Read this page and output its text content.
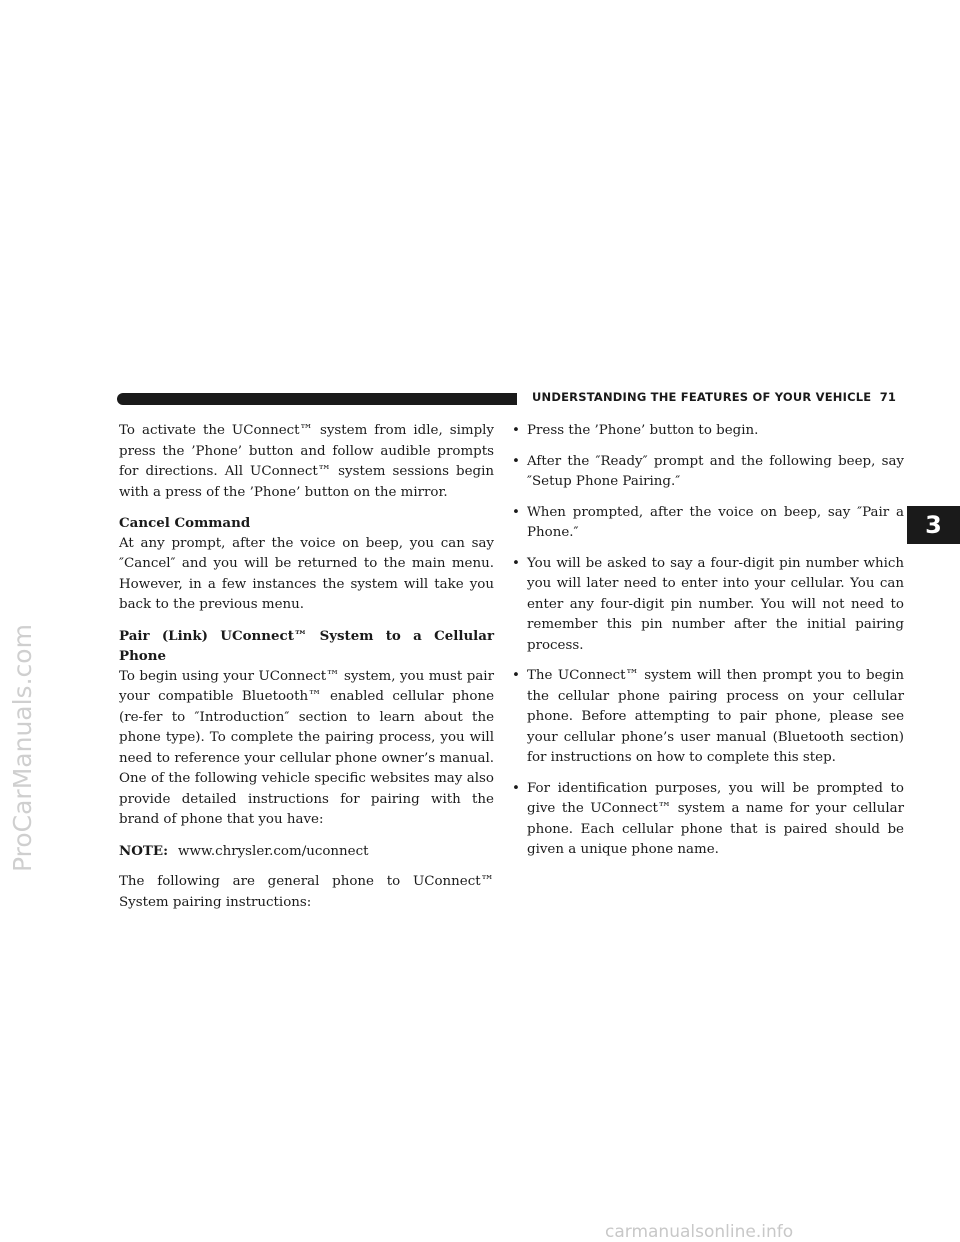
UNDERSTANDING THE FEATURES OF YOUR VEHICLE 71
3
ProCarManuals.com
carmanualsonline.info

To activate the UConnect™ system from idle, simply press the ’Phone’ button and follow audible prompts for directions. All UConnect™ system sessions begin with a press of the ’Phone’ button on the mirror.

Cancel Command

At any prompt, after the voice on beep, you can say ″Cancel″ and you will be returned to the main menu. However, in a few instances the system will take you back to the previous menu.

Pair (Link) UConnect™ System to a Cellular Phone

To begin using your UConnect™ system, you must pair your compatible Bluetooth™ enabled cellular phone (re-fer to ″Introduction″ section to learn about the phone type). To complete the pairing process, you will need to reference your cellular phone owner’s manual. One of the following vehicle specific websites may also provide detailed instructions for pairing with the brand of phone that you have:

NOTE: www.chrysler.com/uconnect

The following are general phone to UConnect™ System pairing instructions:

• Press the ’Phone’ button to begin.
• After the ″Ready″ prompt and the following beep, say ″Setup Phone Pairing.″
• When prompted, after the voice on beep, say ″Pair a Phone.″
• You will be asked to say a four-digit pin number which you will later need to enter into your cellular. You can enter any four-digit pin number. You will not need to remember this pin number after the initial pairing process.
• The UConnect™ system will then prompt you to begin the cellular phone pairing process on your cellular phone. Before attempting to pair phone, please see your cellular phone’s user manual (Bluetooth section) for instructions on how to complete this step.
• For identification purposes, you will be prompted to give the UConnect™ system a name for your cellular phone. Each cellular phone that is paired should be given a unique phone name.
